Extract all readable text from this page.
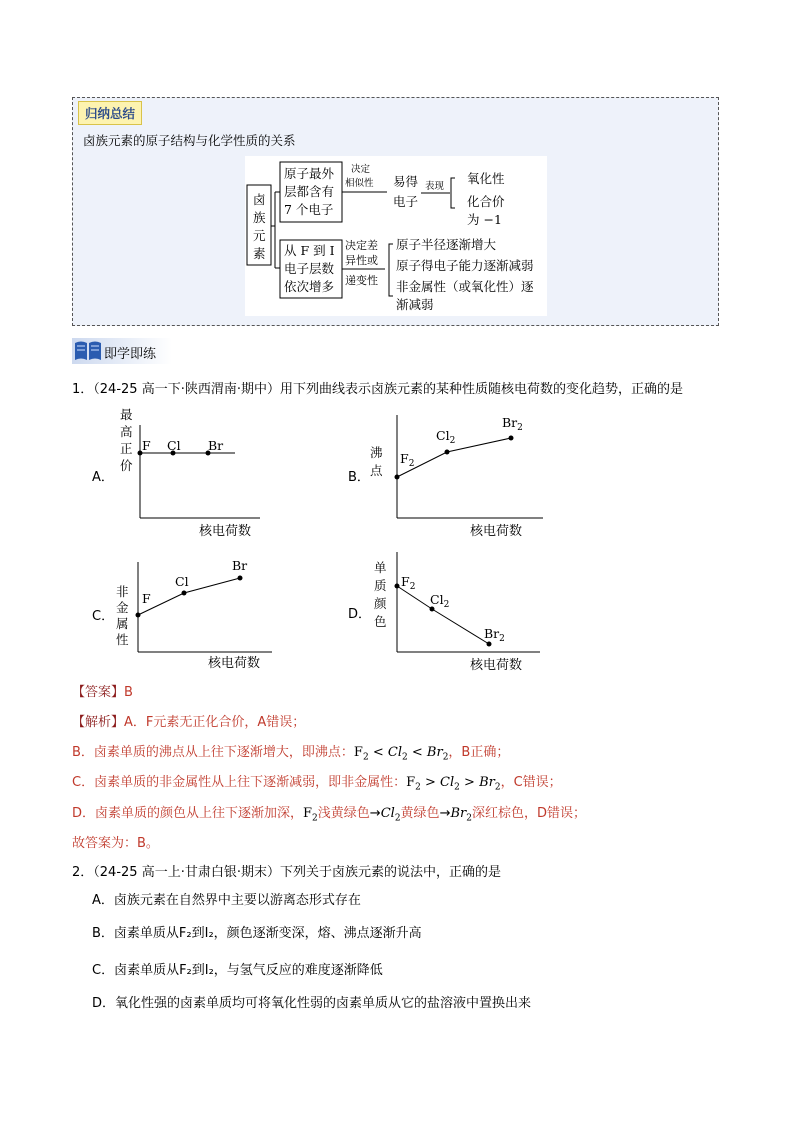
归纳总结
卤族元素的原子结构与化学性质的关系
卤
族
元
素
原子最外
层都含有
7 个电子
从 F 到 I
电子层数
依次增多
决定
相似性 易得
电子
表现
氧化性
化合价
为 −1
决定差
异性或
递变性
原子半径逐渐增大
原子得电子能力逐渐减弱
非金属性（或氧化性）逐
渐减弱
即学即练
1．（24-25 高一下·陕西渭南·期中）用下列曲线表示卤族元素的某种性质随核电荷数的变化趋势，正确的是
A．
最
高
正
价
F Cl Br
核电荷数
B．
沸
点
$F_2$
$Cl_2$
$Br_2$
核电荷数
C．
非
金
属
性
F
Cl
Br
核电荷数
D．
单
质
颜
色
$F_2$
$Cl_2$
$Br_2$
核电荷数
【答案】B
【解析】A．F元素无正化合价，A错误；
B．卤素单质的沸点从上往下逐渐增大，即沸点：$F_2 < Cl_2 < Br_2$，B正确；
C．卤素单质的非金属性从上往下逐渐减弱，即非金属性：$F_2 > Cl_2 > Br_2$，C错误；
D．卤素单质的颜色从上往下逐渐加深，$F_2$浅黄绿色$\to Cl_2$黄绿色$\to Br_2$深红棕色，D错误；
故答案为：B。
2．（24-25 高一上·甘肃白银·期末）下列关于卤族元素的说法中，正确的是
A．卤族元素在自然界中主要以游离态形式存在
B．卤素单质从F₂到I₂，颜色逐渐变深，熔、沸点逐渐升高
C．卤素单质从F₂到I₂，与氢气反应的难度逐渐降低
D．氧化性强的卤素单质均可将氧化性弱的卤素单质从它的盐溶液中置换出来
